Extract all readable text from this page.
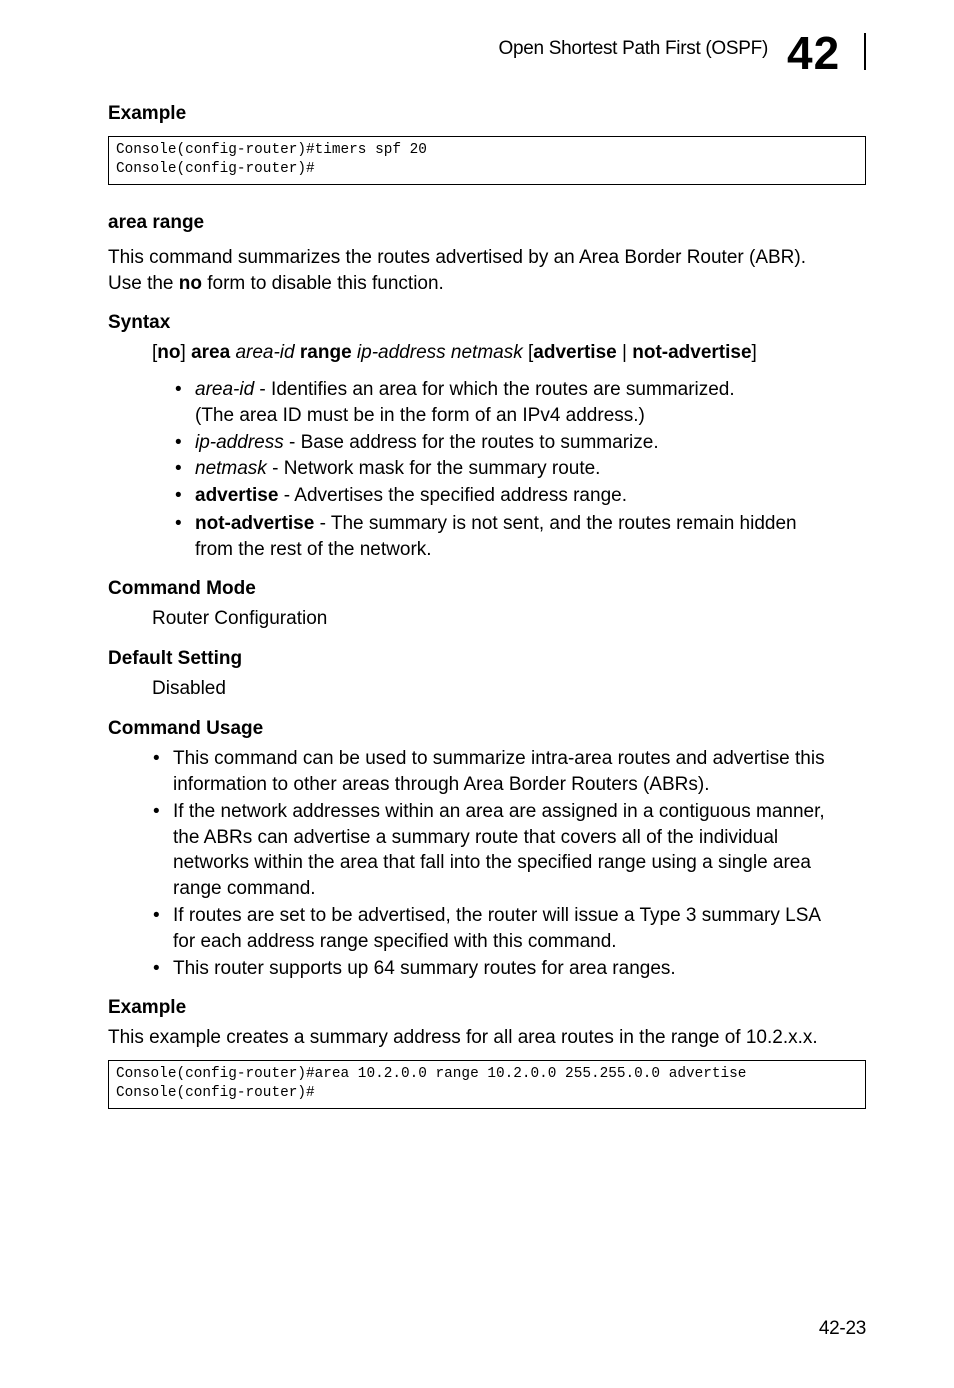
Open Shortest Path First (OSPF) 42
Example
Console(config-router)#timers spf 20
Console(config-router)#
area range
This command summarizes the routes advertised by an Area Border Router (ABR).
Use the no form to disable this function.
Syntax
[no] area area-id range ip-address netmask [advertise | not-advertise]
• area-id - Identifies an area for which the routes are summarized.
(The area ID must be in the form of an IPv4 address.)
• ip-address - Base address for the routes to summarize.
• netmask - Network mask for the summary route.
• advertise - Advertises the specified address range.
• not-advertise - The summary is not sent, and the routes remain hidden
from the rest of the network.
Command Mode
Router Configuration
Default Setting
Disabled
Command Usage
• This command can be used to summarize intra-area routes and advertise this
information to other areas through Area Border Routers (ABRs).
• If the network addresses within an area are assigned in a contiguous manner,
the ABRs can advertise a summary route that covers all of the individual
networks within the area that fall into the specified range using a single area
range command.
• If routes are set to be advertised, the router will issue a Type 3 summary LSA
for each address range specified with this command.
• This router supports up 64 summary routes for area ranges.
Example
This example creates a summary address for all area routes in the range of 10.2.x.x.
Console(config-router)#area 10.2.0.0 range 10.2.0.0 255.255.0.0 advertise
Console(config-router)#
42-23
